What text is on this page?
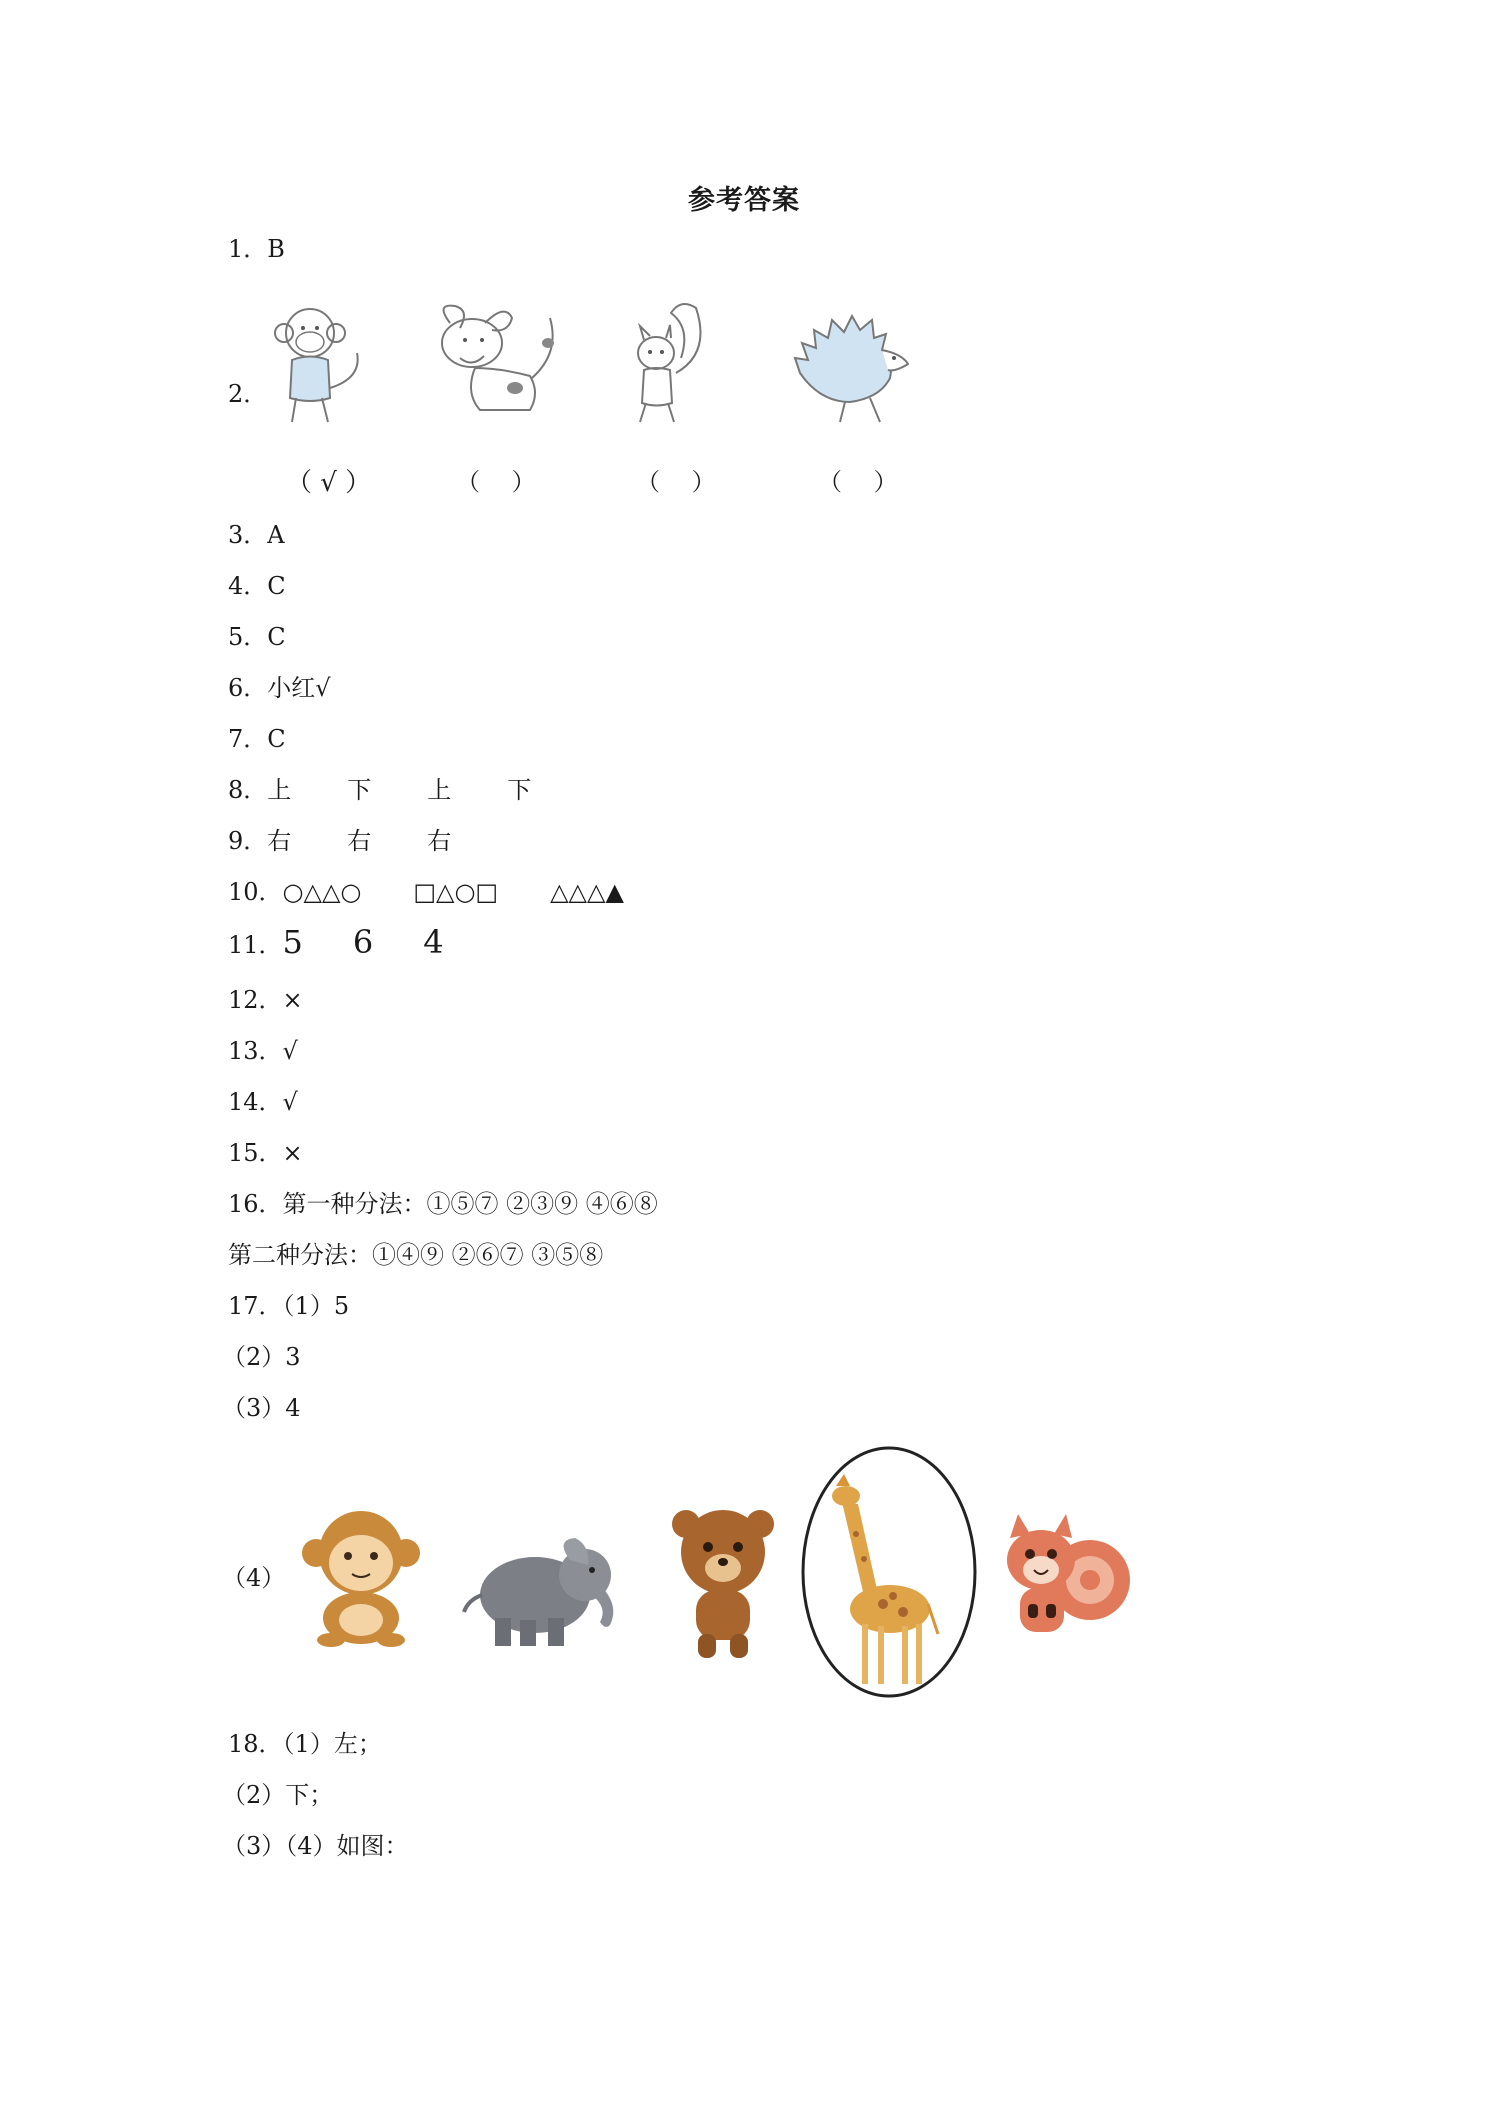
参考答案
1．B
2．
（ √ ）	（　 ）	（　 ）	（　 ）
3．A
4．C
5．C
6．小红√
7．C
8．上 下 上 下
9．右 右 右
10．○△△○ □△○□ △△△▲
11．5 6 4
12．×
13．√
14．√
15．×
16．第一种分法：①⑤⑦ ②③⑨ ④⑥⑧
第二种分法：①④⑨ ②⑥⑦ ③⑤⑧
17．（1）5
（2）3
（3）4
（4）
18．（1）左；
（2）下；
（3）（4）如图：
